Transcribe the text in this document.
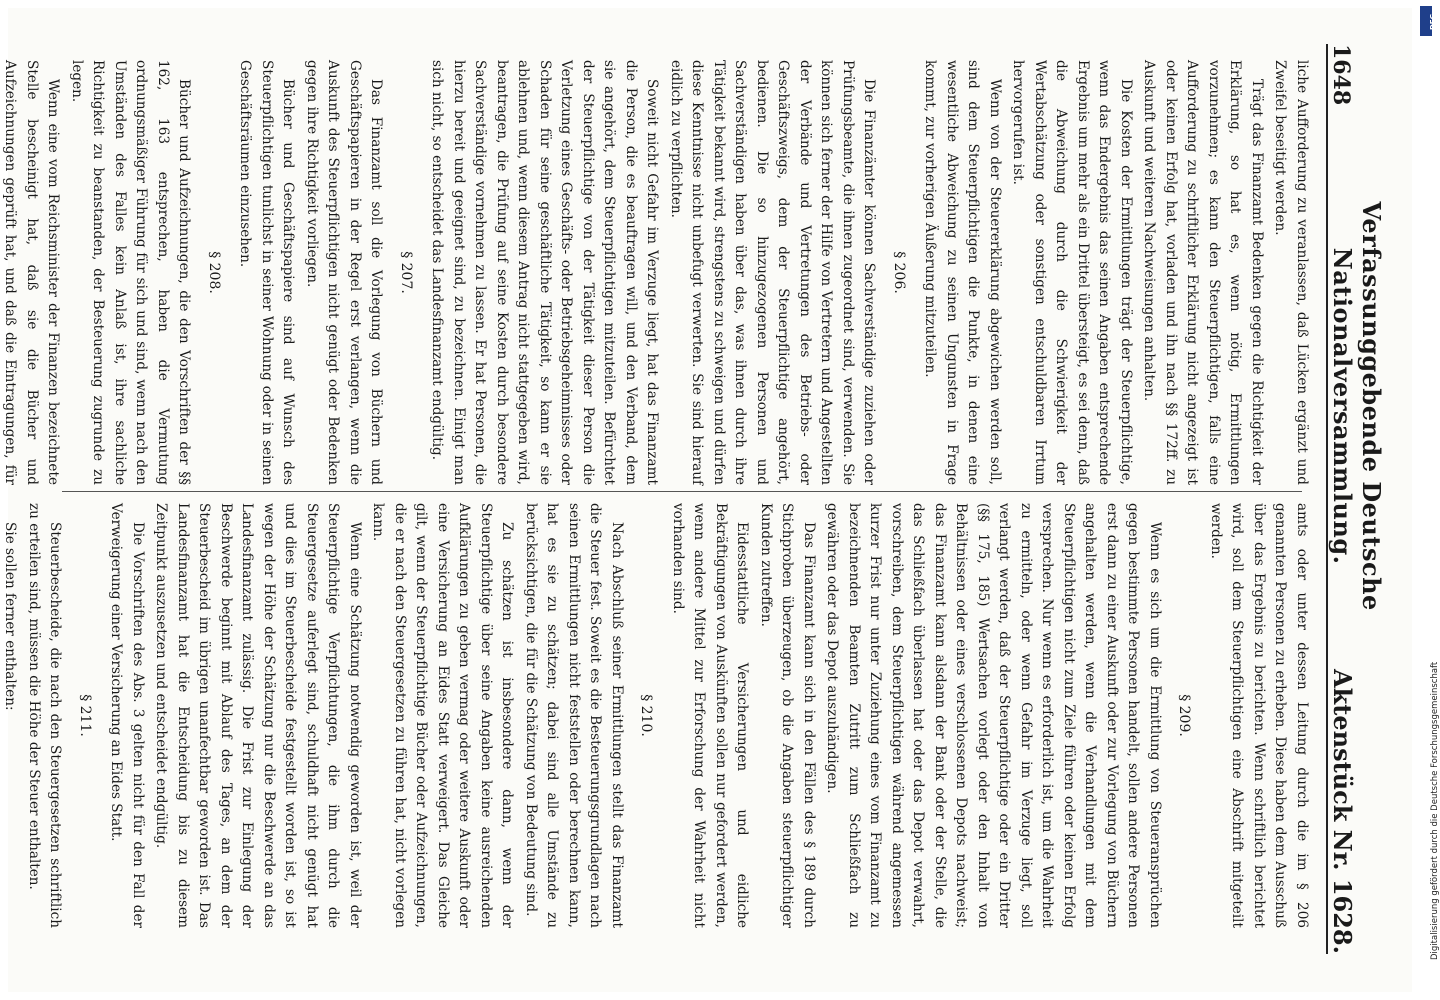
1648
Verfassunggebende Deutsche Nationalversammlung.
Aktenstück Nr. 1628.

liche Aufforderung zu veranlassen, daß Lücken ergänzt und Zweifel beseitigt werden.

Trägt das Finanzamt Bedenken gegen die Richtigkeit der Erklärung, so hat es, wenn nötig, Ermittlungen vorzunehmen; es kann den Steuerpflichtigen, falls eine Aufforderung zu schriftlicher Erklärung nicht angezeigt ist oder keinen Erfolg hat, vorladen und ihn nach §§ 172ff. zu Auskunft und weiteren Nachweisungen anhalten.

Die Kosten der Ermittlungen trägt der Steuerpflichtige, wenn das Endergebnis das seinen Angaben entsprechende Ergebnis um mehr als ein Drittel übersteigt, es sei denn, daß die Abweichung durch die Schwierigkeit der Wertabschätzung oder sonstigen entschuldbaren Irrtum hervorgerufen ist.

Wenn von der Steuererklärung abgewichen werden soll, sind dem Steuerpflichtigen die Punkte, in denen eine wesentliche Abweichung zu seinen Ungunsten in Frage kommt, zur vorherigen Äußerung mitzuteilen.

§ 206.

Die Finanzämter können Sachverständige zuziehen oder Prüfungsbeamte, die ihnen zugeordnet sind, verwenden. Sie können sich ferner der Hilfe von Vertretern und Angestellten der Verbände und Vertretungen des Betriebs- oder Geschäftszweigs, dem der Steuerpflichtige angehört, bedienen. Die so hinzugezogenen Personen und Sachverständigen haben über das, was ihnen durch ihre Tätigkeit bekannt wird, strengstens zu schweigen und dürfen diese Kenntnisse nicht unbefugt verwerten. Sie sind hierauf eidlich zu verpflichten.

Soweit nicht Gefahr im Verzuge liegt, hat das Finanzamt die Person, die es beauftragen will, und den Verband, dem sie angehört, dem Steuerpflichtigen mitzuteilen. Befürchtet der Steuerpflichtige von der Tätigkeit dieser Person die Verletzung eines Geschäfts- oder Betriebsgeheimnisses oder Schaden für seine geschäftliche Tätigkeit, so kann er sie ablehnen und, wenn diesem Antrag nicht stattgegeben wird, beantragen, die Prüfung auf seine Kosten durch besondere Sachverständige vornehmen zu lassen. Er hat Personen, die hierzu bereit und geeignet sind, zu bezeichnen. Einigt man sich nicht, so entscheidet das Landesfinanzamt endgültig.

§ 207.

Das Finanzamt soll die Vorlegung von Büchern und Geschäftspapieren in der Regel erst verlangen, wenn die Auskunft des Steuerpflichtigen nicht genügt oder Bedenken gegen ihre Richtigkeit vorliegen.

Bücher und Geschäftspapiere sind auf Wunsch des Steuerpflichtigen tunlichst in seiner Wohnung oder in seinen Geschäftsräumen einzusehen.

§ 208.

Bücher und Aufzeichnungen, die den Vorschriften der §§ 162, 163 entsprechen, haben die Vermutung ordnungsmäßiger Führung für sich und sind, wenn nach den Umständen des Falles kein Anlaß ist, ihre sachliche Richtigkeit zu beanstanden, der Besteuerung zugrunde zu legen.

Wenn eine vom Reichsminister der Finanzen bezeichnete Stelle bescheinigt hat, daß sie die Bücher und Aufzeichnungen geprüft hat, und daß die Eintragungen, für

amts oder unter dessen Leitung durch die im § 206 genannten Personen zu erheben. Diese haben dem Ausschuß über das Ergebnis zu berichten. Wenn schriftlich berichtet wird, soll dem Steuerpflichtigen eine Abschrift mitgeteilt werden.

§ 209.

Wenn es sich um die Ermittlung von Steueransprüchen gegen bestimmte Personen handelt, sollen andere Personen erst dann zu einer Auskunft oder zur Vorlegung von Büchern angehalten werden, wenn die Verhandlungen mit dem Steuerpflichtigen nicht zum Ziele führen oder keinen Erfolg versprechen. Nur wenn es erforderlich ist, um die Wahrheit zu ermitteln, oder wenn Gefahr im Verzuge liegt, soll verlangt werden, daß der Steuerpflichtige oder ein Dritter (§§ 175, 185) Wertsachen vorlegt oder den Inhalt von Behältnissen oder eines verschlossenen Depots nachweist; das Finanzamt kann alsdann der Bank oder der Stelle, die das Schließfach überlassen hat oder das Depot verwahrt, vorschreiben, dem Steuerpflichtigen während angemessen kurzer Frist nur unter Zuziehung eines vom Finanzamt zu bezeichnenden Beamten Zutritt zum Schließfach zu gewähren oder das Depot auszuhändigen.

Das Finanzamt kann sich in den Fällen des § 189 durch Stichproben überzeugen, ob die Angaben steuerpflichtiger Kunden zutreffen.

Eidesstattliche Versicherungen und eidliche Bekräftigungen von Auskünften sollen nur gefordert werden, wenn andere Mittel zur Erforschung der Wahrheit nicht vorhanden sind.

§ 210.

Nach Abschluß seiner Ermittlungen stellt das Finanzamt die Steuer fest. Soweit es die Besteuerungsgrundlagen nach seinen Ermittlungen nicht feststellen oder berechnen kann, hat es sie zu schätzen; dabei sind alle Umstände zu berücksichtigen, die für die Schätzung von Bedeutung sind.

Zu schätzen ist insbesondere dann, wenn der Steuerpflichtige über seine Angaben keine ausreichenden Aufklärungen zu geben vermag oder weitere Auskunft oder eine Versicherung an Eides Statt verweigert. Das Gleiche gilt, wenn der Steuerpflichtige Bücher oder Aufzeichnungen, die er nach den Steuergesetzen zu führen hat, nicht vorlegen kann.

Wenn eine Schätzung notwendig geworden ist, weil der Steuerpflichtige Verpflichtungen, die ihm durch die Steuergesetze auferlegt sind, schuldhaft nicht genügt hat und dies im Steuerbescheide festgestellt worden ist, so ist wegen der Höhe der Schätzung nur die Beschwerde an das Landesfinanzamt zulässig. Die Frist zur Einlegung der Beschwerde beginnt mit Ablauf des Tages, an dem der Steuerbescheid im übrigen unanfechtbar geworden ist. Das Landesfinanzamt hat die Entscheidung bis zu diesem Zeitpunkt auszusetzen und entscheidet endgültig.

Die Vorschriften des Abs. 3 gelten nicht für den Fall der Verweigerung einer Versicherung an Eides Statt.

§ 211.

Steuerbescheide, die nach den Steuergesetzen schriftlich zu erteilen sind, müssen die Höhe der Steuer enthalten.

Sie sollen ferner enthalten:

DFG
Digitalisierung gefördert durch die Deutsche Forschungsgemeinschaft
